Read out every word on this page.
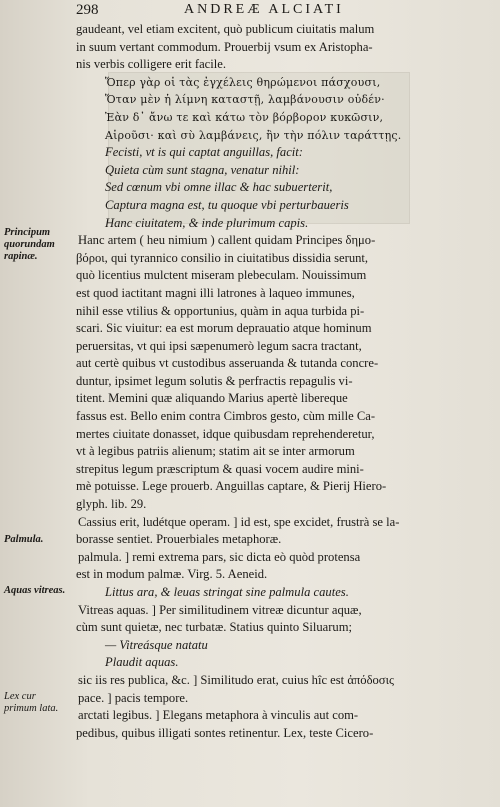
298	ANDREÆ ALCIATI
Principum quorundam rapinæ.
Palmula.
Aquas vitreas.
Lex cur primum lata.
gaudeant, vel etiam excitent, quò publicum ciuitatis malum
in suum vertant commodum. Prouerbij vsum ex Aristopha-
nis verbis colligere erit facile.
Ὅπερ γὰρ οἱ τὰς ἐγχέλεις θηρώμενοι πάσχουσι,
Ὅταν μὲν ἡ λίμνη καταστῇ, λαμβάνουσιν οὐδέν·
Ἐὰν δ᾽ ἄνω τε καὶ κάτω τὸν βόρβορον κυκῶσιν,
Αἱροῦσι· καὶ σὺ λαμβάνεις, ἢν τὴν πόλιν ταράττῃς.
Fecisti, vt is qui captat anguillas, facit:
Quieta cùm sunt stagna, venatur nihil:
Sed cœnum vbi omne illac & hac subuerterit,
Captura magna est, tu quoque vbi perturbaueris
Hanc ciuitatem, & inde plurimum capis.
Hanc artem ( heu nimium ) callent quidam Principes δημο-
βόροι, qui tyrannico consilio in ciuitatibus dissidia serunt,
quò licentius mulctent miseram plebeculam. Nouissimum
est quod iactitant magni illi latrones à laqueo immunes,
nihil esse vtilius & opportunius, quàm in aqua turbida pi-
scari. Sic viuitur: ea est morum deprauatio atque hominum
peruersitas, vt qui ipsi sæpenumerò legum sacra tractant,
aut certè quibus vt custodibus asseruanda & tutanda concre-
duntur, ipsimet legum solutis & perfractis repagulis vi-
titent. Memini quæ aliquando Marius apertè libereque
fassus est. Bello enim contra Cimbros gesto, cùm mille Ca-
mertes ciuitate donasset, idque quibusdam reprehenderetur,
vt à legibus patriis alienum; statim ait se inter armorum
strepitus legum præscriptum & quasi vocem audire mini-
mè potuisse. Lege prouerb. Anguillas captare, & Pierij Hiero-
glyph. lib. 29.
Cassius erit, ludétque operam. ] id est, spe excidet, frustrà se la-
borasse sentiet. Prouerbiales metaphoræ.
palmula. ] remi extrema pars, sic dicta eò quòd protensa
est in modum palmæ. Virg. 5. Aeneid.
Littus ara, & leuas stringat sine palmula cautes.
Vitreas aquas. ] Per similitudinem vitreæ dicuntur aquæ,
cùm sunt quietæ, nec turbatæ. Statius quinto Siluarum;
— Vitreásque natatu
Plaudit aquas.
sic iis res publica, &c. ] Similitudo erat, cuius hîc est ἀπόδοσις
pace. ] pacis tempore.
arctati legibus. ] Elegans metaphora à vinculis aut com-
pedibus, quibus illigati sontes retinentur. Lex, teste Cicero-
